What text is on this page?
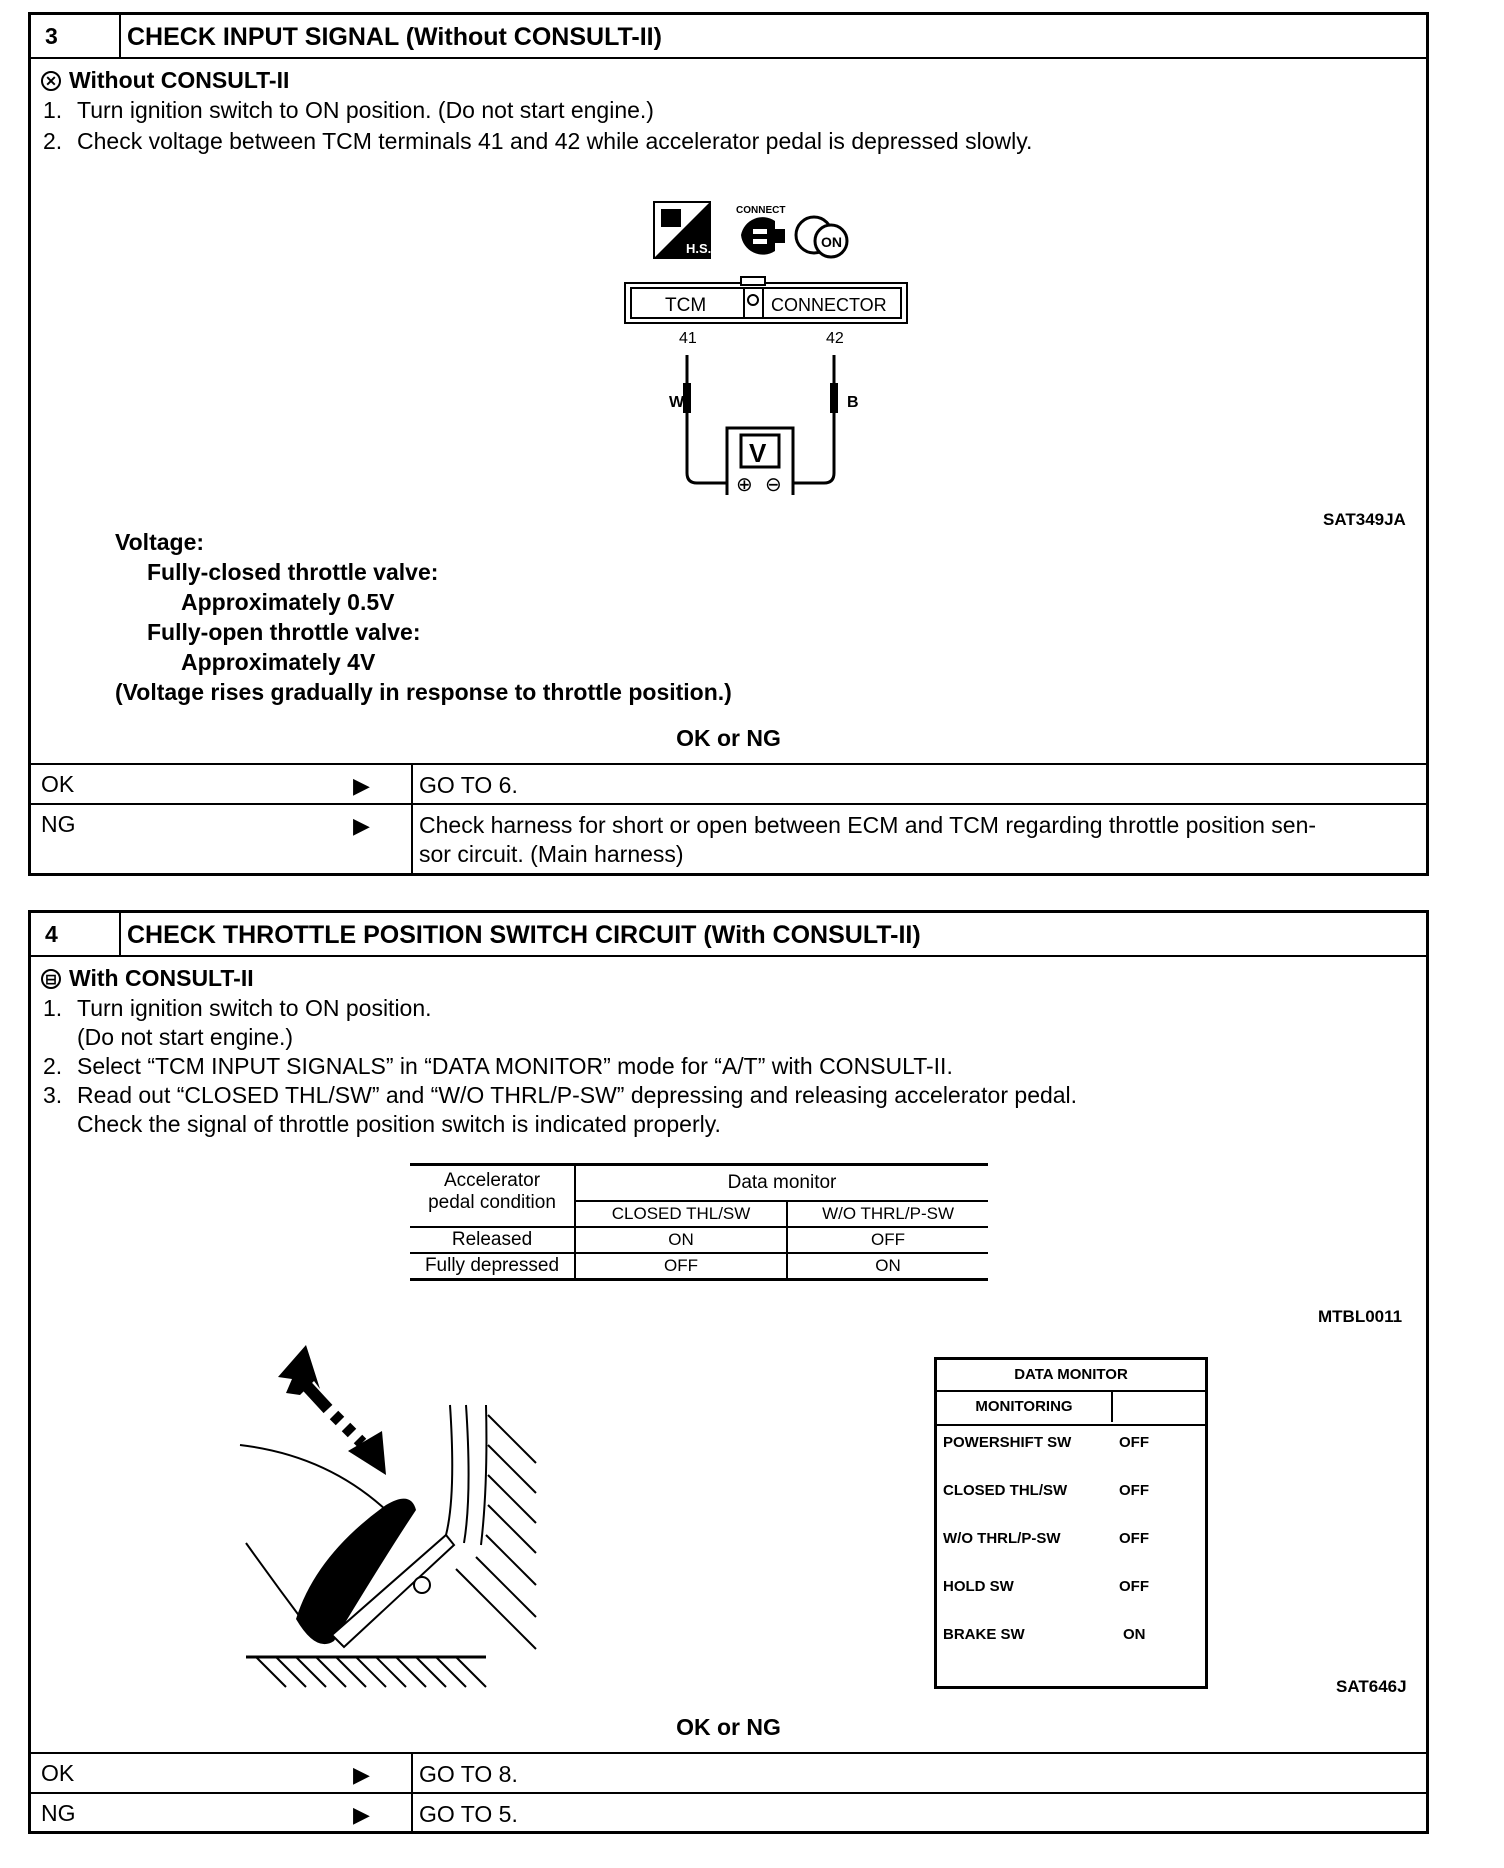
3	CHECK INPUT SIGNAL (Without CONSULT-II)
✕ Without CONSULT-II
1. Turn ignition switch to ON position. (Do not start engine.)
2. Check voltage between TCM terminals 41 and 42 while accelerator pedal is depressed slowly.
H.S.
CONNECT
ON
TCM	CONNECTOR
41	42
W	B
V
⊕ ⊖
SAT349JA
Voltage:
Fully-closed throttle valve:
Approximately 0.5V
Fully-open throttle valve:
Approximately 4V
(Voltage rises gradually in response to throttle position.)
OK or NG
OK	▶ GO TO 6.
NG	▶ Check harness for short or open between ECM and TCM regarding throttle position sen-
sor circuit. (Main harness)
4	CHECK THROTTLE POSITION SWITCH CIRCUIT (With CONSULT-II)
⊟ With CONSULT-II
1. Turn ignition switch to ON position.
(Do not start engine.)
2. Select “TCM INPUT SIGNALS” in “DATA MONITOR” mode for “A/T” with CONSULT-II.
3. Read out “CLOSED THL/SW” and “W/O THRL/P-SW” depressing and releasing accelerator pedal.
Check the signal of throttle position switch is indicated properly.
Accelerator
pedal condition	Data monitor	
	CLOSED THL/SW	W/O THRL/P-SW
Released	ON	OFF
Fully depressed	OFF	ON
MTBL0011
DATA MONITOR
MONITORING
POWERSHIFT SW	OFF
CLOSED THL/SW	OFF
W/O THRL/P-SW	OFF
HOLD SW	OFF
BRAKE SW	ON
SAT646J
OK or NG
OK	▶ GO TO 8.
NG	▶ GO TO 5.
